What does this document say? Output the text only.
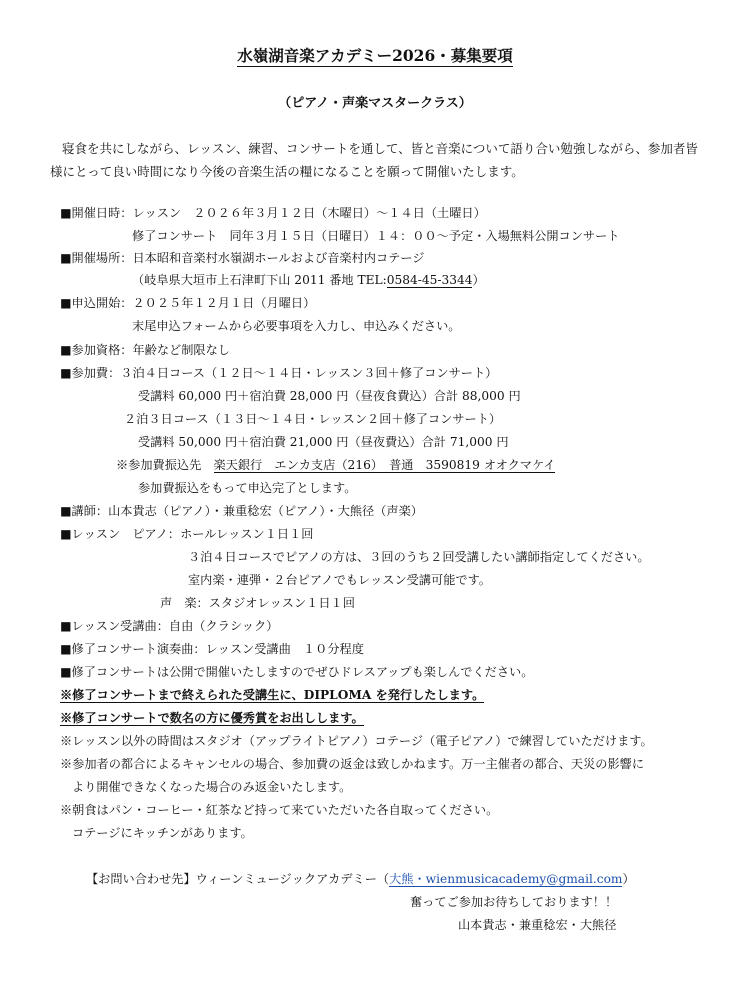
水嶺湖音楽アカデミー2026・募集要項
（ピアノ・声楽マスタークラス）

寝食を共にしながら、レッスン、練習、コンサートを通して、皆と音楽について語り合い勉強しながら、参加者皆様にとって良い時間になり今後の音楽生活の糧になることを願って開催いたします。

■開催日時：レッスン　２０２６年３月１２日（木曜日）～１４日（土曜日）
修了コンサート　同年３月１５日（日曜日）１４：００～予定・入場無料公開コンサート
■開催場所：日本昭和音楽村水嶺湖ホールおよび音楽村内コテージ
（岐阜県大垣市上石津町下山 2011 番地 TEL:0584-45-3344）
■申込開始：２０２５年１２月１日（月曜日）
末尾申込フォームから必要事項を入力し、申込みください。
■参加資格：年齢など制限なし
■参加費：３泊４日コース（１２日～１４日・レッスン３回＋修了コンサート）
受講料 60,000 円＋宿泊費 28,000 円（昼夜食費込）合計 88,000 円
２泊３日コース（１３日～１４日・レッスン２回＋修了コンサート）
受講料 50,000 円＋宿泊費 21,000 円（昼夜費込）合計 71,000 円
※参加費振込先　楽天銀行　エンカ支店（216）　普通　3590819 オオクマケイ
参加費振込をもって申込完了とします。
■講師：山本貴志（ピアノ）・兼重稔宏（ピアノ）・大熊径（声楽）
■レッスン　ピアノ：ホールレッスン１日１回
３泊４日コースでピアノの方は、３回のうち２回受講したい講師指定してください。
室内楽・連弾・２台ピアノでもレッスン受講可能です。
声　楽：スタジオレッスン１日１回
■レッスン受講曲：自由（クラシック）
■修了コンサート演奏曲：レッスン受講曲　１０分程度
■修了コンサートは公開で開催いたしますのでぜひドレスアップも楽しんでください。
※修了コンサートまで終えられた受講生に、DIPLOMA を発行したします。
※修了コンサートで数名の方に優秀賞をお出しします。
※レッスン以外の時間はスタジオ（アップライトピアノ）コテージ（電子ピアノ）で練習していただけます。
※参加者の都合によるキャンセルの場合、参加費の返金は致しかねます。万一主催者の都合、天災の影響に
より開催できなくなった場合のみ返金いたします。
※朝食はパン・コーヒー・紅茶など持って来ていただいた各自取ってください。
コテージにキッチンがあります。
【お問い合わせ先】ウィーンミュージックアカデミー（大熊・wienmusicacademy@gmail.com）
奮ってご参加お待ちしております！！
山本貴志・兼重稔宏・大熊径
